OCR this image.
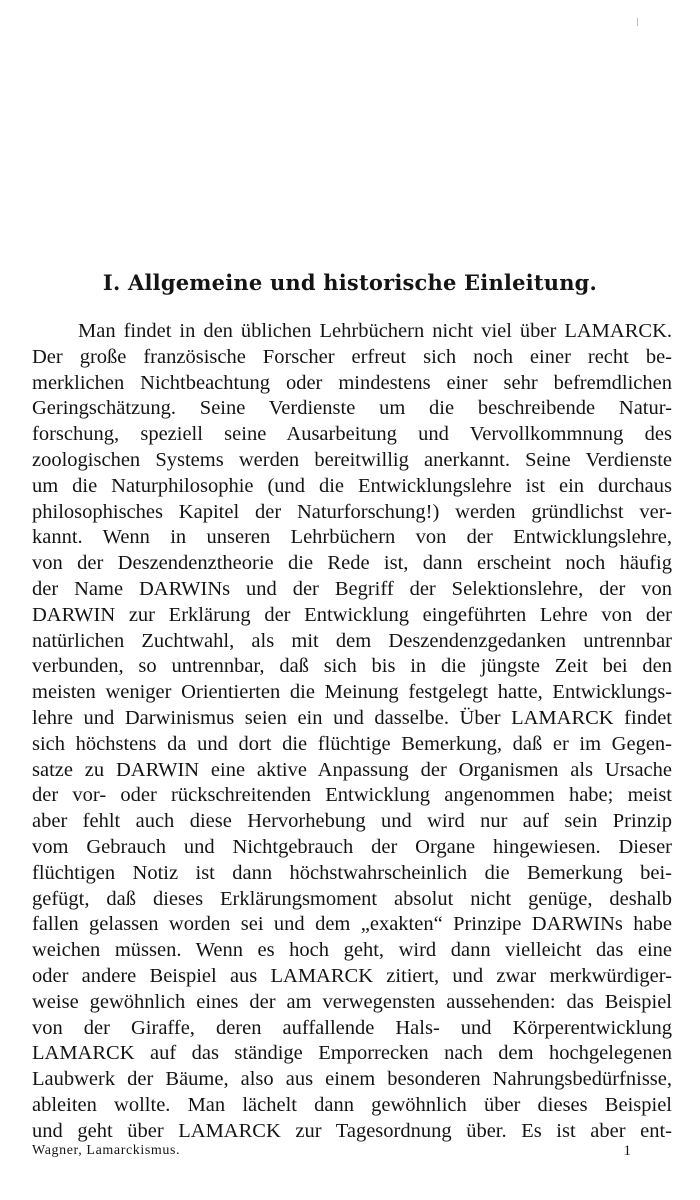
I. Allgemeine und historische Einleitung.
Man findet in den üblichen Lehrbüchern nicht viel über LAMARCK.
Der große französische Forscher erfreut sich noch einer recht be-
merklichen Nichtbeachtung oder mindestens einer sehr befremdlichen
Geringschätzung. Seine Verdienste um die beschreibende Natur-
forschung, speziell seine Ausarbeitung und Vervollkommnung des
zoologischen Systems werden bereitwillig anerkannt. Seine Verdienste
um die Naturphilosophie (und die Entwicklungslehre ist ein durchaus
philosophisches Kapitel der Naturforschung!) werden gründlichst ver-
kannt. Wenn in unseren Lehrbüchern von der Entwicklungslehre,
von der Deszendenztheorie die Rede ist, dann erscheint noch häufig
der Name DARWINs und der Begriff der Selektionslehre, der von
DARWIN zur Erklärung der Entwicklung eingeführten Lehre von der
natürlichen Zuchtwahl, als mit dem Deszendenzgedanken untrennbar
verbunden, so untrennbar, daß sich bis in die jüngste Zeit bei den
meisten weniger Orientierten die Meinung festgelegt hatte, Entwicklungs-
lehre und Darwinismus seien ein und dasselbe. Über LAMARCK findet
sich höchstens da und dort die flüchtige Bemerkung, daß er im Gegen-
satze zu DARWIN eine aktive Anpassung der Organismen als Ursache
der vor- oder rückschreitenden Entwicklung angenommen habe; meist
aber fehlt auch diese Hervorhebung und wird nur auf sein Prinzip
vom Gebrauch und Nichtgebrauch der Organe hingewiesen. Dieser
flüchtigen Notiz ist dann höchstwahrscheinlich die Bemerkung bei-
gefügt, daß dieses Erklärungsmoment absolut nicht genüge, deshalb
fallen gelassen worden sei und dem „exakten“ Prinzipe DARWINs habe
weichen müssen. Wenn es hoch geht, wird dann vielleicht das eine
oder andere Beispiel aus LAMARCK zitiert, und zwar merkwürdiger-
weise gewöhnlich eines der am verwegensten aussehenden: das Beispiel
von der Giraffe, deren auffallende Hals- und Körperentwicklung
LAMARCK auf das ständige Emporrecken nach dem hochgelegenen
Laubwerk der Bäume, also aus einem besonderen Nahrungsbedürfnisse,
ableiten wollte. Man lächelt dann gewöhnlich über dieses Beispiel
und geht über LAMARCK zur Tagesordnung über. Es ist aber ent-
Wagner, Lamarckismus.	1
